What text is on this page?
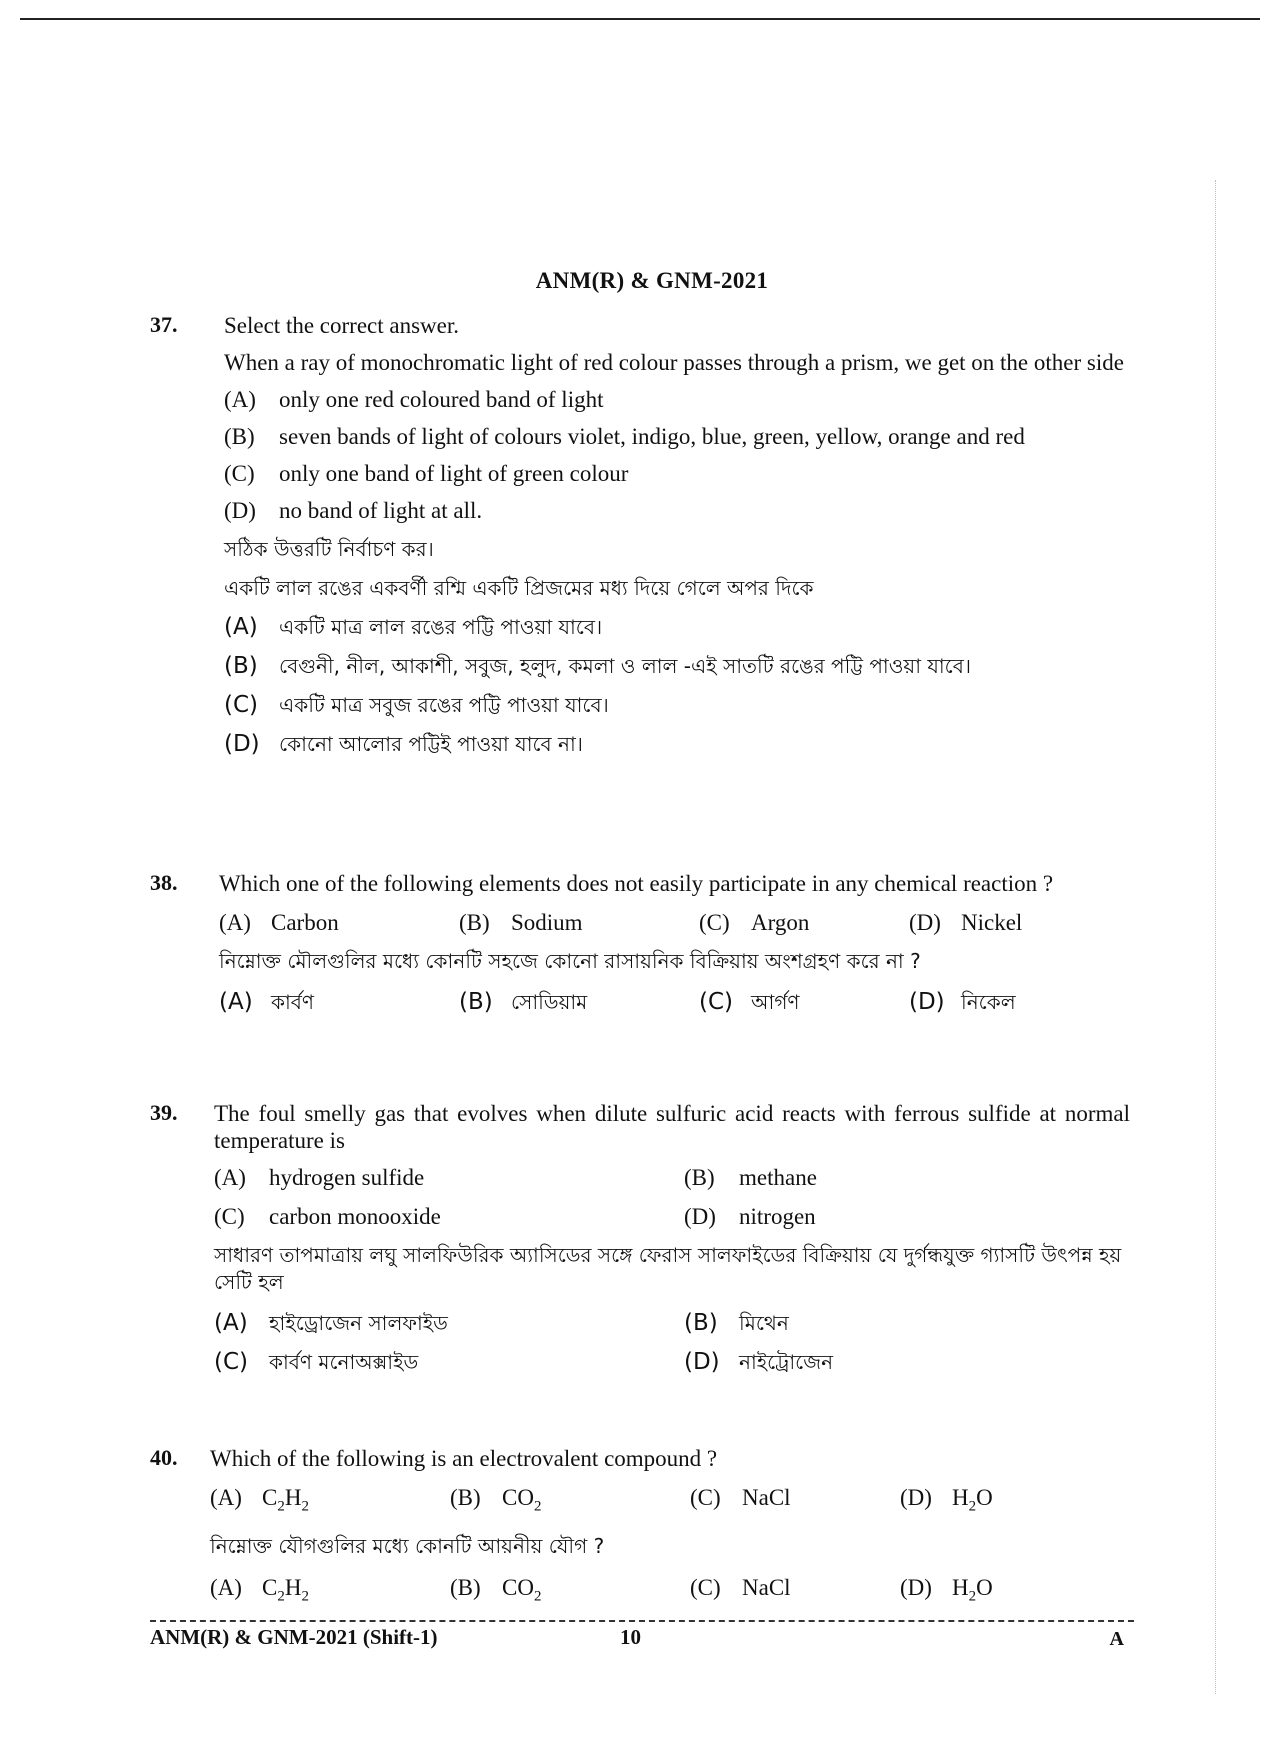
ANM(R) & GNM-2021
37. Select the correct answer.
When a ray of monochromatic light of red colour passes through a prism, we get on the other side
(A)	only one red coloured band of light
(B)	seven bands of light of colours violet, indigo, blue, green, yellow, orange and red
(C)	only one band of light of green colour
(D)	no band of light at all.
সঠিক উত্তরটি নির্বাচণ কর।
একটি লাল রঙের একবর্ণী রশ্মি একটি প্রিজমের মধ্য দিয়ে গেলে অপর দিকে
(A)	একটি মাত্র লাল রঙের পট্টি পাওয়া যাবে।
(B)	বেগুনী, নীল, আকাশী, সবুজ, হলুদ, কমলা ও লাল -এই সাতটি রঙের পট্টি পাওয়া যাবে।
(C)	একটি মাত্র সবুজ রঙের পট্টি পাওয়া যাবে।
(D) কোনো আলোর পট্টিই পাওয়া যাবে না।
38. Which one of the following elements does not easily participate in any chemical reaction ?
(A) Carbon	(B) Sodium	(C) Argon	(D) Nickel
নিম্নোক্ত মৌলগুলির মধ্যে কোনটি সহজে কোনো রাসায়নিক বিক্রিয়ায় অংশগ্রহণ করে না ?
(A) কার্বণ	(B) সোডিয়াম	(C) আর্গণ	(D) নিকেল
39. The foul smelly gas that evolves when dilute sulfuric acid reacts with ferrous sulfide at normal temperature is
(A)	hydrogen sulfide	(B)	methane
(C)	carbon monooxide	(D)	nitrogen
সাধারণ তাপমাত্রায় লঘু সালফিউরিক অ্যাসিডের সঙ্গে ফেরাস সালফাইডের বিক্রিয়ায় যে দুর্গন্ধযুক্ত গ্যাসটি উৎপন্ন হয় সেটি হল
(A)	হাইড্রোজেন সালফাইড	(B)	মিথেন
(C)	কার্বণ মনোঅক্সাইড	(D) নাইট্রোজেন
40. Which of the following is an electrovalent compound ?
(A) $C_2H_2$	(B) $CO_2$	(C) NaCl	(D) $H_2O$
নিম্নোক্ত যৌগগুলির মধ্যে কোনটি আয়নীয় যৌগ ?
(A) $C_2H_2$	(B) $CO_2$	(C) NaCl	(D) $H_2O$
ANM(R) & GNM-2021 (Shift-1)	10	A
